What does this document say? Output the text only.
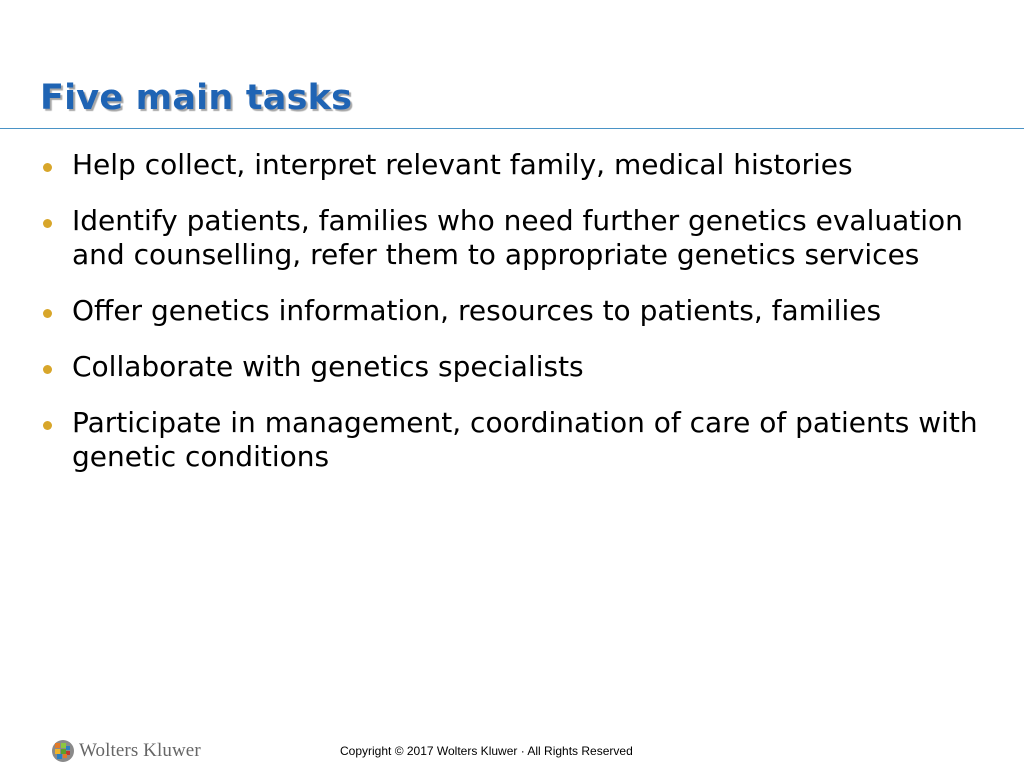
Five main tasks
Help collect, interpret relevant family, medical histories
Identify patients, families who need further genetics evaluation and counselling, refer them to appropriate genetics services
Offer genetics information, resources to patients, families
Collaborate with genetics specialists
Participate in management, coordination of care of patients with genetic conditions
Wolters Kluwer	Copyright © 2017 Wolters Kluwer · All Rights Reserved
